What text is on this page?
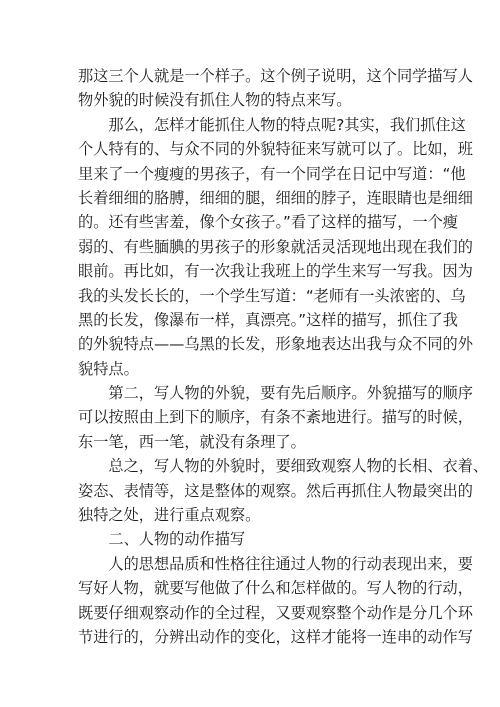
那这三个人就是一个样子。这个例子说明，这个同学描写人
物外貌的时候没有抓住人物的特点来写。
那么，怎样才能抓住人物的特点呢?其实，我们抓住这
个人特有的、与众不同的外貌特征来写就可以了。比如，班
里来了一个瘦瘦的男孩子，有一个同学在日记中写道：“他
长着细细的胳膊，细细的腿，细细的脖子，连眼睛也是细细
的。还有些害羞，像个女孩子。”看了这样的描写，一个瘦
弱的、有些腼腆的男孩子的形象就活灵活现地出现在我们的
眼前。再比如，有一次我让我班上的学生来写一写我。因为
我的头发长长的，一个学生写道：“老师有一头浓密的、乌
黑的长发，像瀑布一样，真漂亮。”这样的描写，抓住了我
的外貌特点——乌黑的长发，形象地表达出我与众不同的外
貌特点。
第二，写人物的外貌，要有先后顺序。外貌描写的顺序
可以按照由上到下的顺序，有条不紊地进行。描写的时候，
东一笔，西一笔，就没有条理了。
总之，写人物的外貌时，要细致观察人物的长相、衣着、
姿态、表情等，这是整体的观察。然后再抓住人物最突出的
独特之处，进行重点观察。
二、人物的动作描写
人的思想品质和性格往往通过人物的行动表现出来，要
写好人物，就要写他做了什么和怎样做的。写人物的行动，
既要仔细观察动作的全过程，又要观察整个动作是分几个环
节进行的，分辨出动作的变化，这样才能将一连串的动作写
